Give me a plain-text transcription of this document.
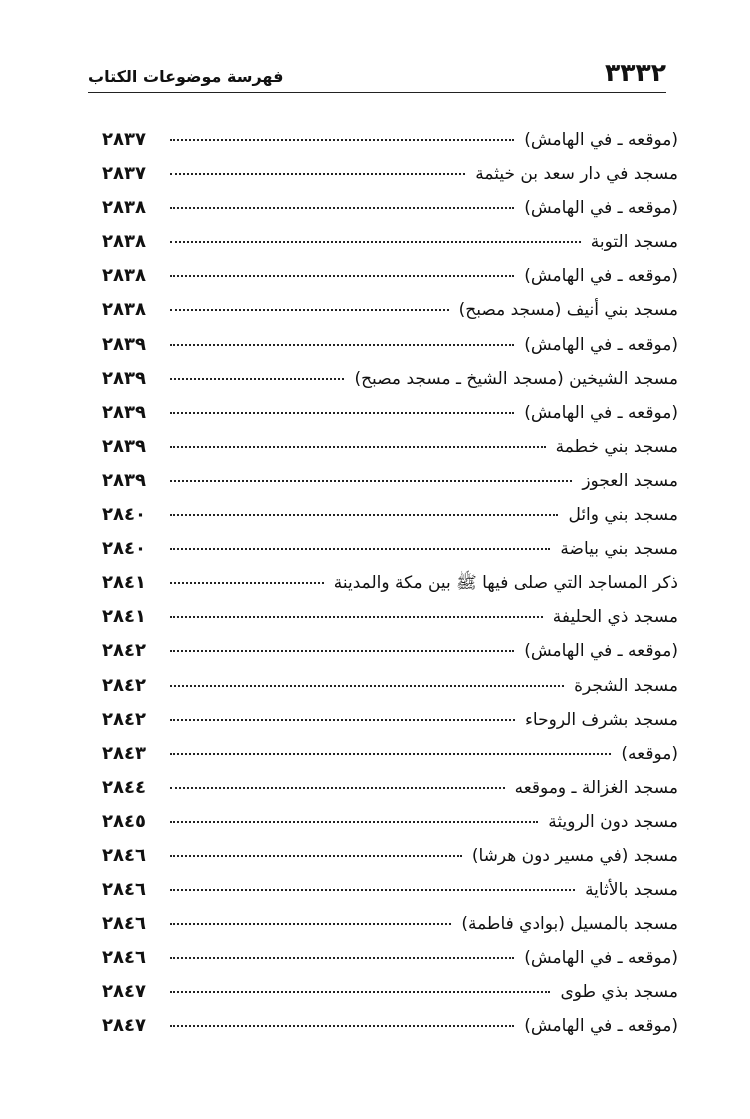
٣٣٣٢
فهرسة موضوعات الكتاب
(موقعه ـ في الهامش)
٢٨٣٧
مسجد في دار سعد بن خيثمة
٢٨٣٧
(موقعه ـ في الهامش)
٢٨٣٨
مسجد التوبة
٢٨٣٨
(موقعه ـ في الهامش)
٢٨٣٨
مسجد بني أنيف (مسجد مصبح)
٢٨٣٨
(موقعه ـ في الهامش)
٢٨٣٩
مسجد الشيخين (مسجد الشيخ ـ مسجد مصبح)
٢٨٣٩
(موقعه ـ في الهامش)
٢٨٣٩
مسجد بني خطمة
٢٨٣٩
مسجد العجوز
٢٨٣٩
مسجد بني وائل
٢٨٤٠
مسجد بني بياضة
٢٨٤٠
ذكر المساجد التي صلى فيها ﷺ بين مكة والمدينة
٢٨٤١
مسجد ذي الحليفة
٢٨٤١
(موقعه ـ في الهامش)
٢٨٤٢
مسجد الشجرة
٢٨٤٢
مسجد بشرف الروحاء
٢٨٤٢
(موقعه)
٢٨٤٣
مسجد الغزالة ـ وموقعه
٢٨٤٤
مسجد دون الرويثة
٢٨٤٥
مسجد (في مسير دون هرشا)
٢٨٤٦
مسجد بالأثاية
٢٨٤٦
مسجد بالمسيل (بوادي فاطمة)
٢٨٤٦
(موقعه ـ في الهامش)
٢٨٤٦
مسجد بذي طوى
٢٨٤٧
(موقعه ـ في الهامش)
٢٨٤٧
